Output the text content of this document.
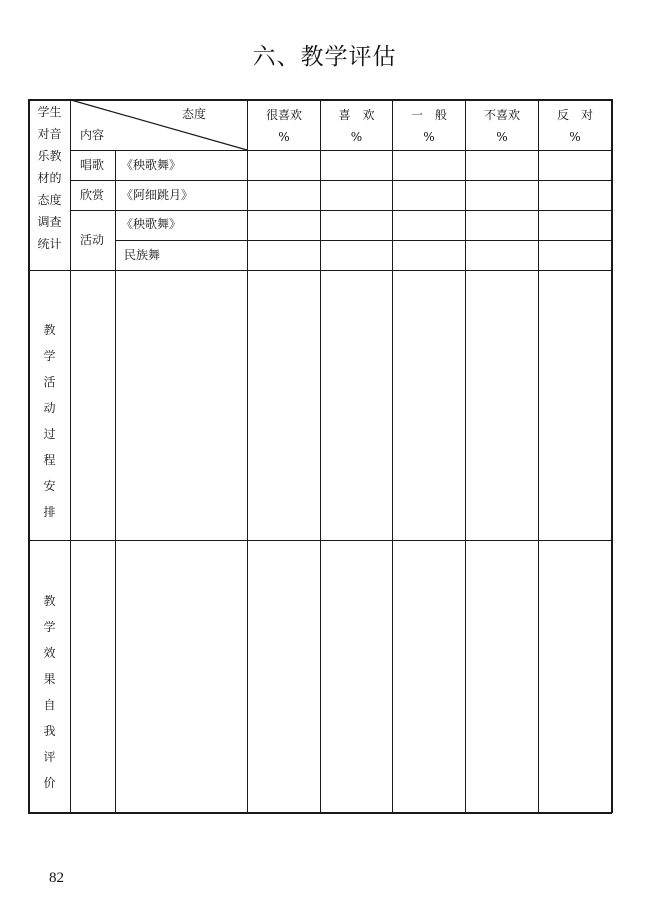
六、教学评估
学生
对音
乐教
材的
态度
调查
统计
态度
内容
很喜欢
%
喜　欢
%
一　般
%
不喜欢
%
反　对
%
唱歌 《秧歌舞》
欣赏 《阿细跳月》
活动
《秧歌舞》
民族舞
教
学
活
动
过
程
安
排
教
学
效
果
自
我
评
价
82
